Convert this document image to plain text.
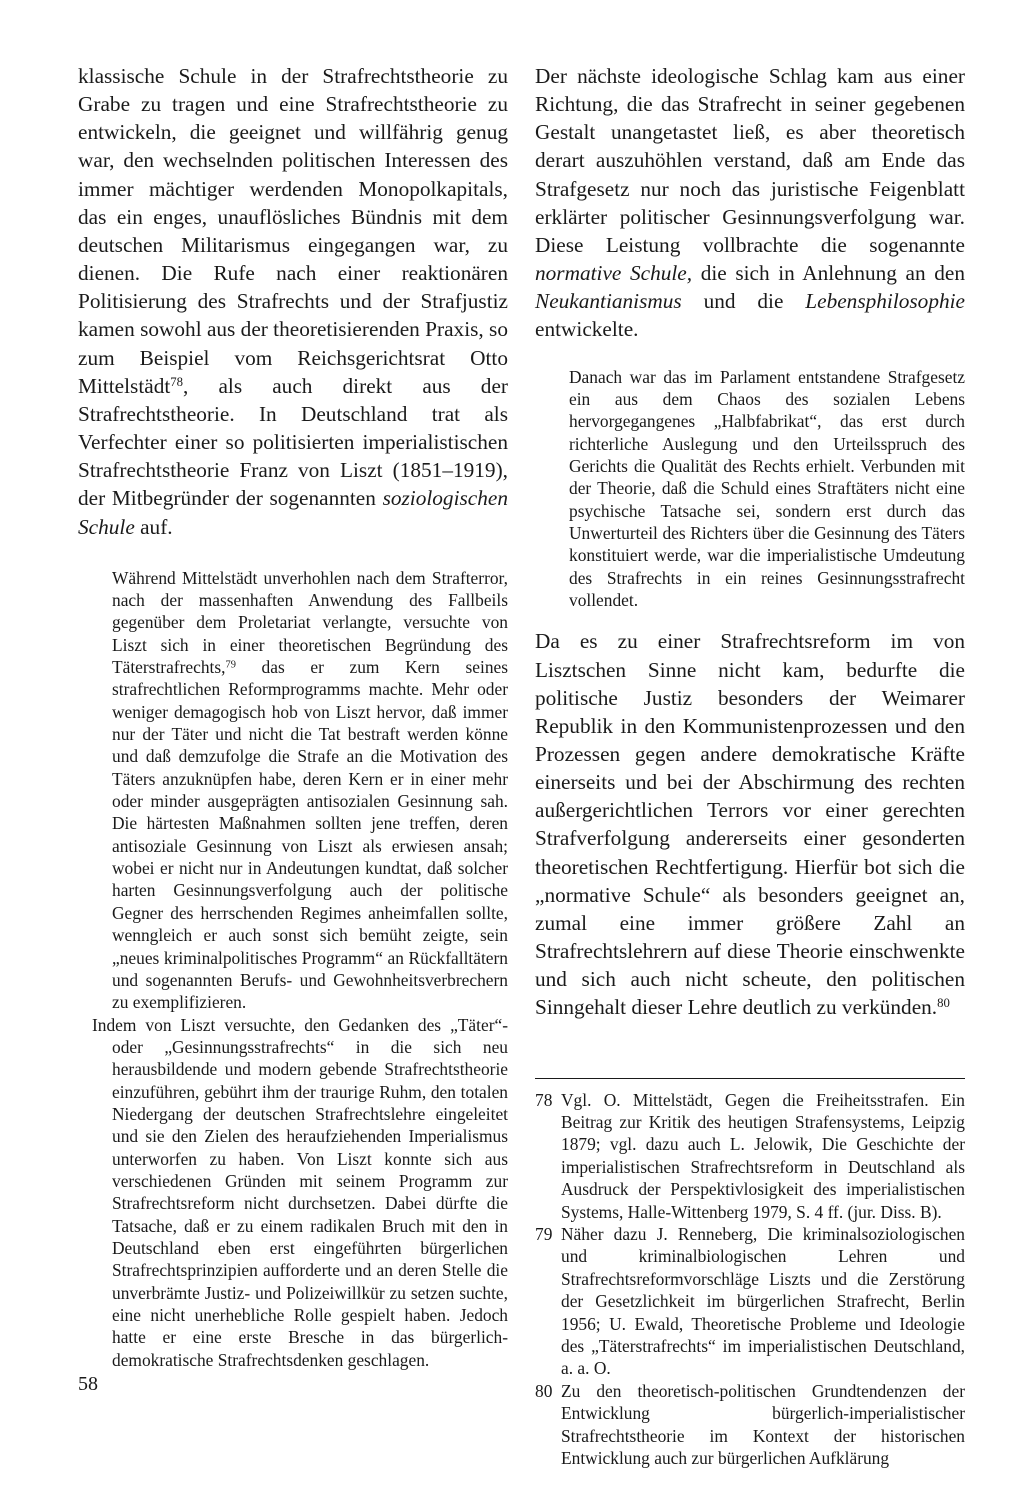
klassische Schule in der Strafrechtstheorie zu Grabe zu tragen und eine Strafrechtstheorie zu entwickeln, die geeignet und willfährig genug war, den wechselnden politischen Interessen des immer mächtiger werdenden Monopolkapitals, das ein enges, unauflösliches Bündnis mit dem deutschen Militarismus eingegangen war, zu dienen. Die Rufe nach einer reaktionären Politisierung des Strafrechts und der Strafjustiz kamen sowohl aus der theoretisierenden Praxis, so zum Beispiel vom Reichsgerichtsrat Otto Mittelstädt$^{78}$, als auch direkt aus der Strafrechtstheorie. In Deutschland trat als Verfechter einer so politisierten imperialistischen Strafrechtstheorie Franz von Liszt (1851–1919), der Mitbegründer der sogenannten soziologischen Schule auf.

Während Mittelstädt unverhohlen nach dem Strafterror, nach der massenhaften Anwendung des Fallbeils gegenüber dem Proletariat verlangte, versuchte von Liszt sich in einer theoretischen Begründung des Täterstrafrechts,$^{79}$ das er zum Kern seines strafrechtlichen Reformprogramms machte. Mehr oder weniger demagogisch hob von Liszt hervor, daß immer nur der Täter und nicht die Tat bestraft werden könne und daß demzufolge die Strafe an die Motivation des Täters anzuknüpfen habe, deren Kern er in einer mehr oder minder ausgeprägten antisozialen Gesinnung sah. Die härtesten Maßnahmen sollten jene treffen, deren antisoziale Gesinnung von Liszt als erwiesen ansah; wobei er nicht nur in Andeutungen kundtat, daß solcher harten Gesinnungsverfolgung auch der politische Gegner des herrschenden Regimes anheimfallen sollte, wenngleich er auch sonst sich bemüht zeigte, sein „neues kriminalpolitisches Programm“ an Rückfalltätern und sogenannten Berufs- und Gewohnheitsverbrechern zu exemplifizieren.

Indem von Liszt versuchte, den Gedanken des „Täter“- oder „Gesinnungsstrafrechts“ in die sich neu herausbildende und modern gebende Strafrechtstheorie einzuführen, gebührt ihm der traurige Ruhm, den totalen Niedergang der deutschen Strafrechtslehre eingeleitet und sie den Zielen des heraufziehenden Imperialismus unterworfen zu haben. Von Liszt konnte sich aus verschiedenen Gründen mit seinem Programm zur Strafrechtsreform nicht durchsetzen. Dabei dürfte die Tatsache, daß er zu einem radikalen Bruch mit den in Deutschland eben erst eingeführten bürgerlichen Strafrechtsprinzipien aufforderte und an deren Stelle die unverbrämte Justiz- und Polizeiwillkür zu setzen suchte, eine nicht unerhebliche Rolle gespielt haben. Jedoch hatte er eine erste Bresche in das bürgerlich-demokratische Strafrechtsdenken geschlagen.

Der nächste ideologische Schlag kam aus einer Richtung, die das Strafrecht in seiner gegebenen Gestalt unangetastet ließ, es aber theoretisch derart auszuhöhlen verstand, daß am Ende das Strafgesetz nur noch das juristische Feigenblatt erklärter politischer Gesinnungsverfolgung war. Diese Leistung vollbrachte die sogenannte normative Schule, die sich in Anlehnung an den Neukantianismus und die Lebensphilosophie entwickelte.

Danach war das im Parlament entstandene Strafgesetz ein aus dem Chaos des sozialen Lebens hervorgegangenes „Halbfabrikat“, das erst durch richterliche Auslegung und den Urteilsspruch des Gerichts die Qualität des Rechts erhielt. Verbunden mit der Theorie, daß die Schuld eines Straftäters nicht eine psychische Tatsache sei, sondern erst durch das Unwerturteil des Richters über die Gesinnung des Täters konstituiert werde, war die imperialistische Umdeutung des Strafrechts in ein reines Gesinnungsstrafrecht vollendet.

Da es zu einer Strafrechtsreform im von Lisztschen Sinne nicht kam, bedurfte die politische Justiz besonders der Weimarer Republik in den Kommunistenprozessen und den Prozessen gegen andere demokratische Kräfte einerseits und bei der Abschirmung des rechten außergerichtlichen Terrors vor einer gerechten Strafverfolgung andererseits einer gesonderten theoretischen Rechtfertigung. Hierfür bot sich die „normative Schule“ als besonders geeignet an, zumal eine immer größere Zahl an Strafrechtslehrern auf diese Theorie einschwenkte und sich auch nicht scheute, den politischen Sinngehalt dieser Lehre deutlich zu verkünden.$^{80}$

78 Vgl. O. Mittelstädt, Gegen die Freiheitsstrafen. Ein Beitrag zur Kritik des heutigen Strafensystems, Leipzig 1879; vgl. dazu auch L. Jelowik, Die Geschichte der imperialistischen Strafrechtsreform in Deutschland als Ausdruck der Perspektivlosigkeit des imperialistischen Systems, Halle-Wittenberg 1979, S. 4 ff. (jur. Diss. B).
79 Näher dazu J. Renneberg, Die kriminalsoziologischen und kriminalbiologischen Lehren und Strafrechtsreformvorschläge Liszts und die Zerstörung der Gesetzlichkeit im bürgerlichen Strafrecht, Berlin 1956; U. Ewald, Theoretische Probleme und Ideologie des „Täterstrafrechts“ im imperialistischen Deutschland, a. a. O.
80 Zu den theoretisch-politischen Grundtendenzen der Entwicklung bürgerlich-imperialistischer Strafrechtstheorie im Kontext der historischen Entwicklung auch zur bürgerlichen Aufklärung
58
